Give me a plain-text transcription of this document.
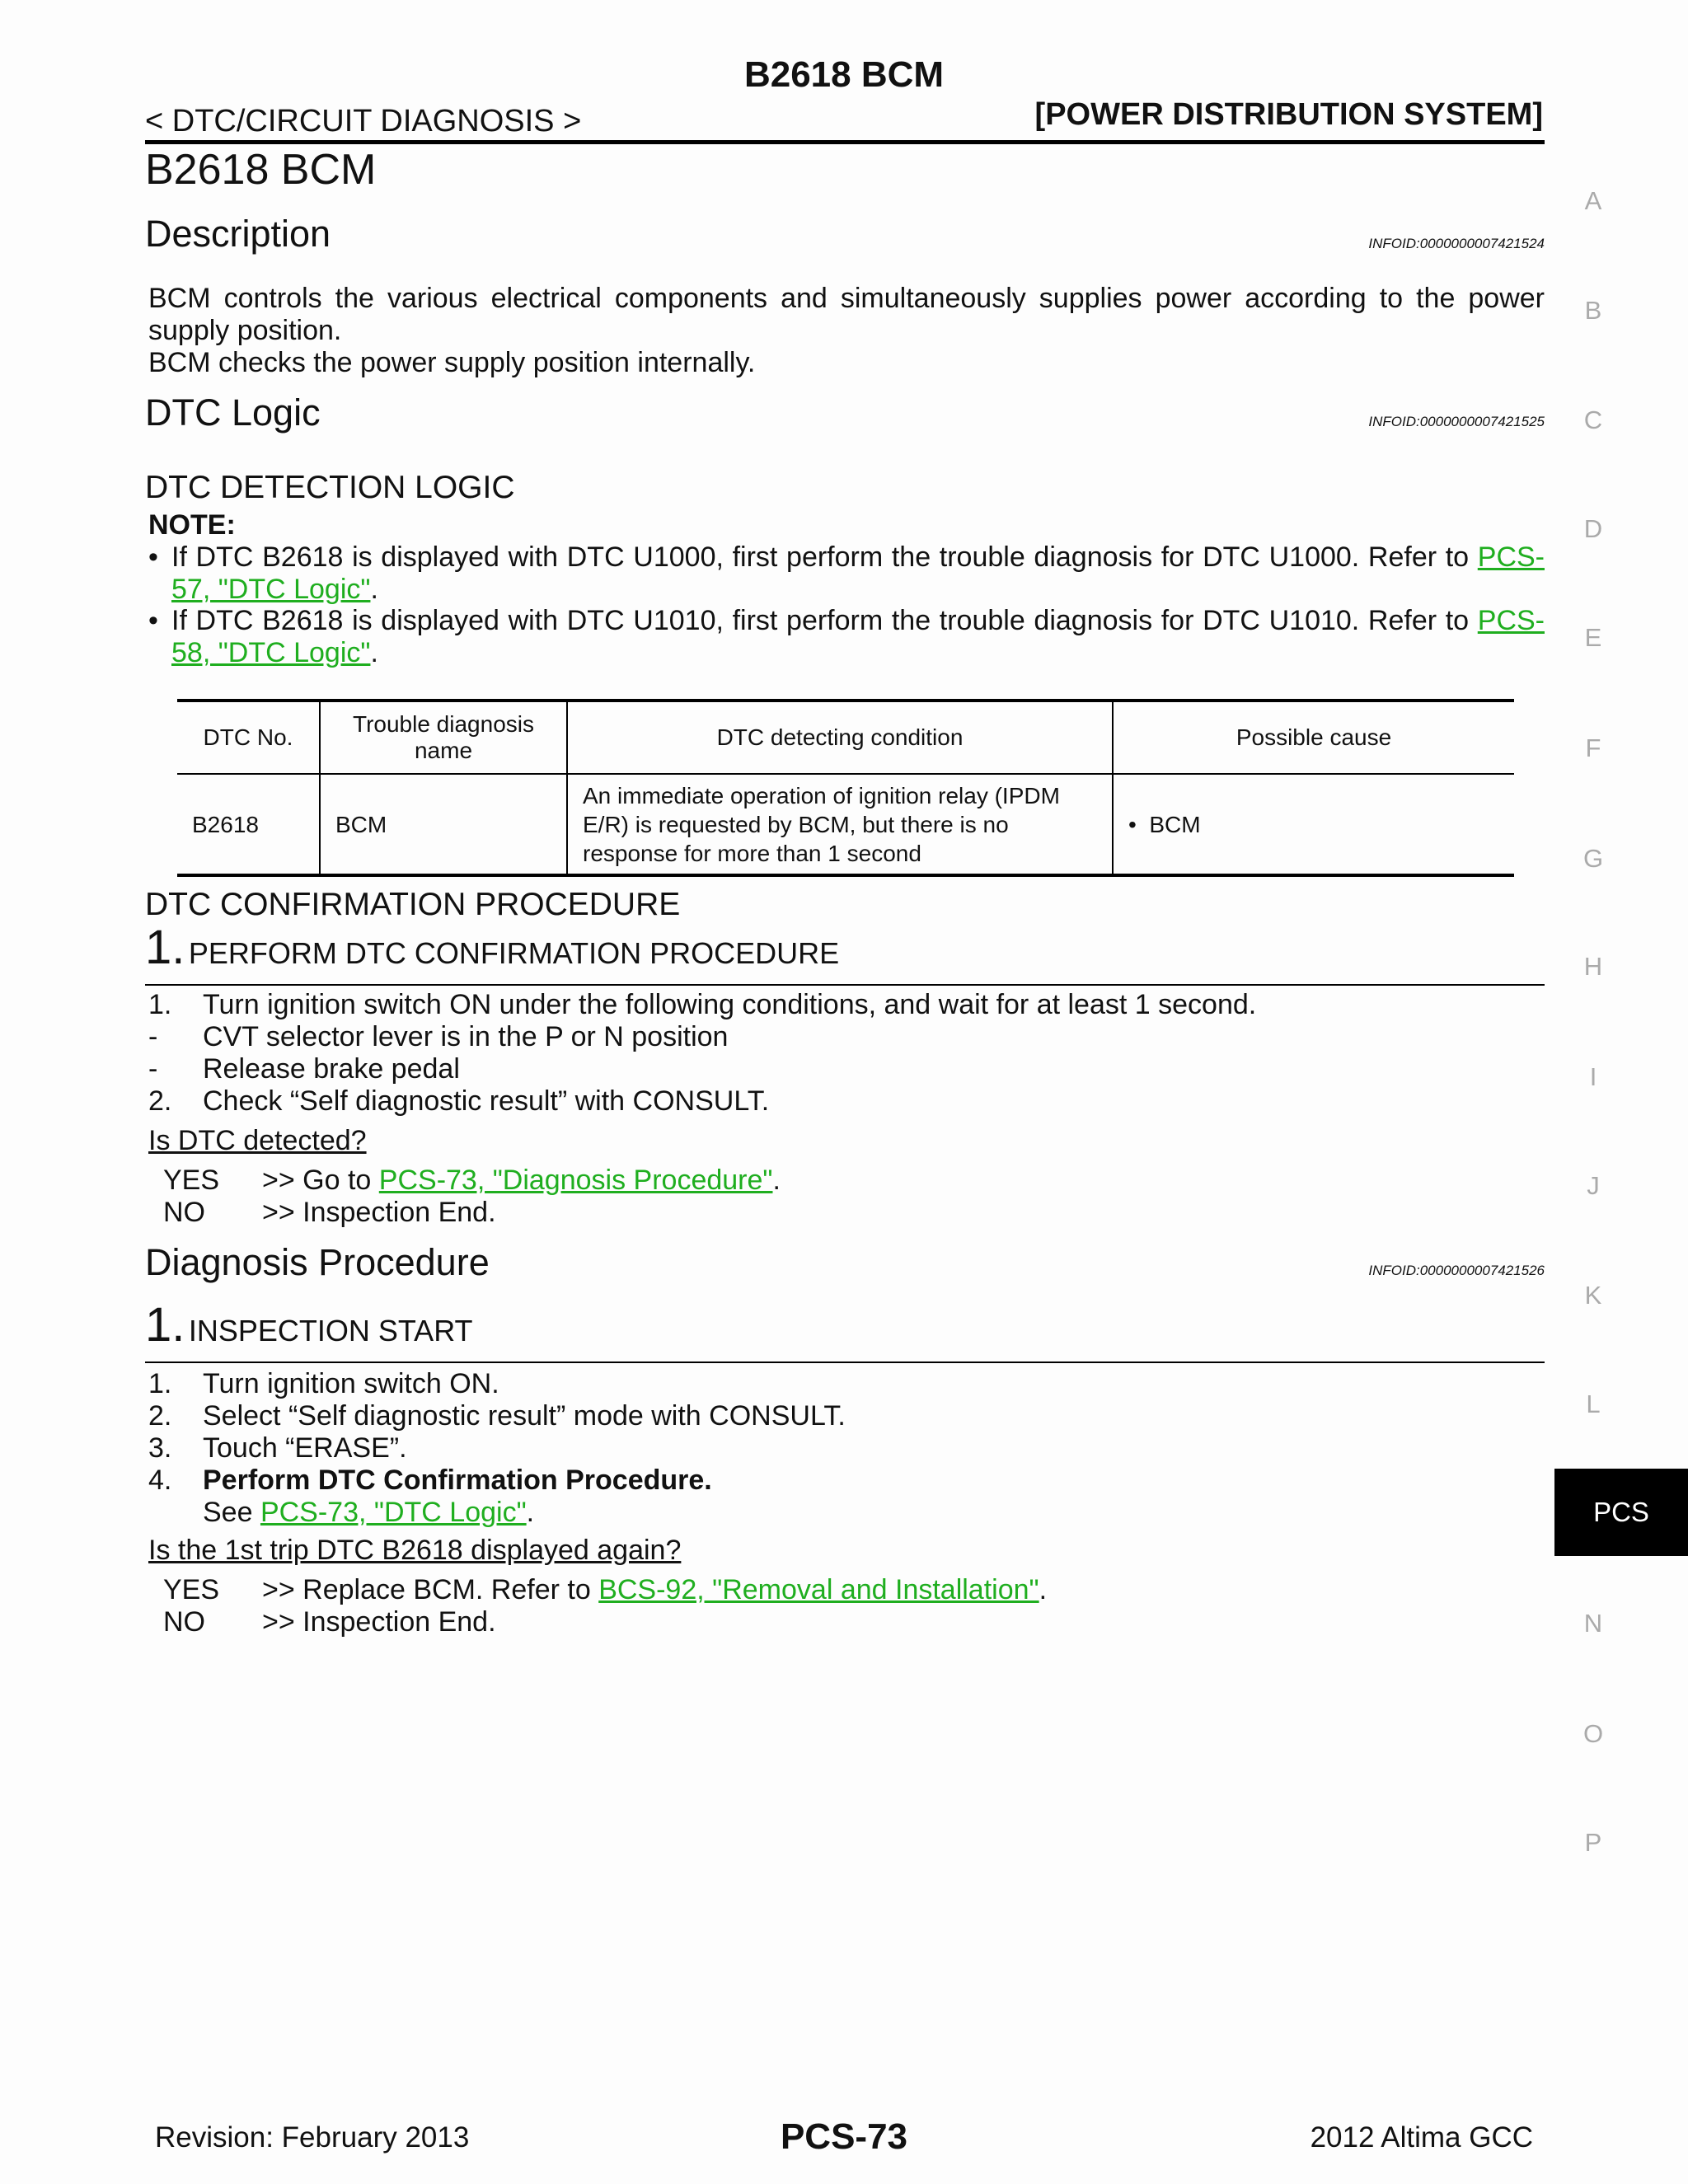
B2618 BCM
< DTC/CIRCUIT DIAGNOSIS >	[POWER DISTRIBUTION SYSTEM]
B2618 BCM
Description	INFOID:0000000007421524
BCM controls the various electrical components and simultaneously supplies power according to the power supply position.
BCM checks the power supply position internally.
DTC Logic	INFOID:0000000007421525
DTC DETECTION LOGIC
NOTE:
• If DTC B2618 is displayed with DTC U1000, first perform the trouble diagnosis for DTC U1000. Refer to PCS-57, "DTC Logic".
• If DTC B2618 is displayed with DTC U1010, first perform the trouble diagnosis for DTC U1010. Refer to PCS-58, "DTC Logic".
DTC No.	Trouble diagnosis name	DTC detecting condition	Possible cause
B2618	BCM	An immediate operation of ignition relay (IPDM E/R) is requested by BCM, but there is no response for more than 1 second	• BCM
DTC CONFIRMATION PROCEDURE
1. PERFORM DTC CONFIRMATION PROCEDURE
1. Turn ignition switch ON under the following conditions, and wait for at least 1 second.
- CVT selector lever is in the P or N position
- Release brake pedal
2. Check “Self diagnostic result” with CONSULT.
Is DTC detected?
YES >> Go to PCS-73, "Diagnosis Procedure".
NO >> Inspection End.
Diagnosis Procedure	INFOID:0000000007421526
1. INSPECTION START
1. Turn ignition switch ON.
2. Select “Self diagnostic result” mode with CONSULT.
3. Touch “ERASE”.
4. Perform DTC Confirmation Procedure.
See PCS-73, "DTC Logic".
Is the 1st trip DTC B2618 displayed again?
YES >> Replace BCM. Refer to BCS-92, "Removal and Installation".
NO >> Inspection End.
A
B
C
D
E
F
G
H
I
J
K
L
PCS
N
O
P
Revision: February 2013	PCS-73	2012 Altima GCC
